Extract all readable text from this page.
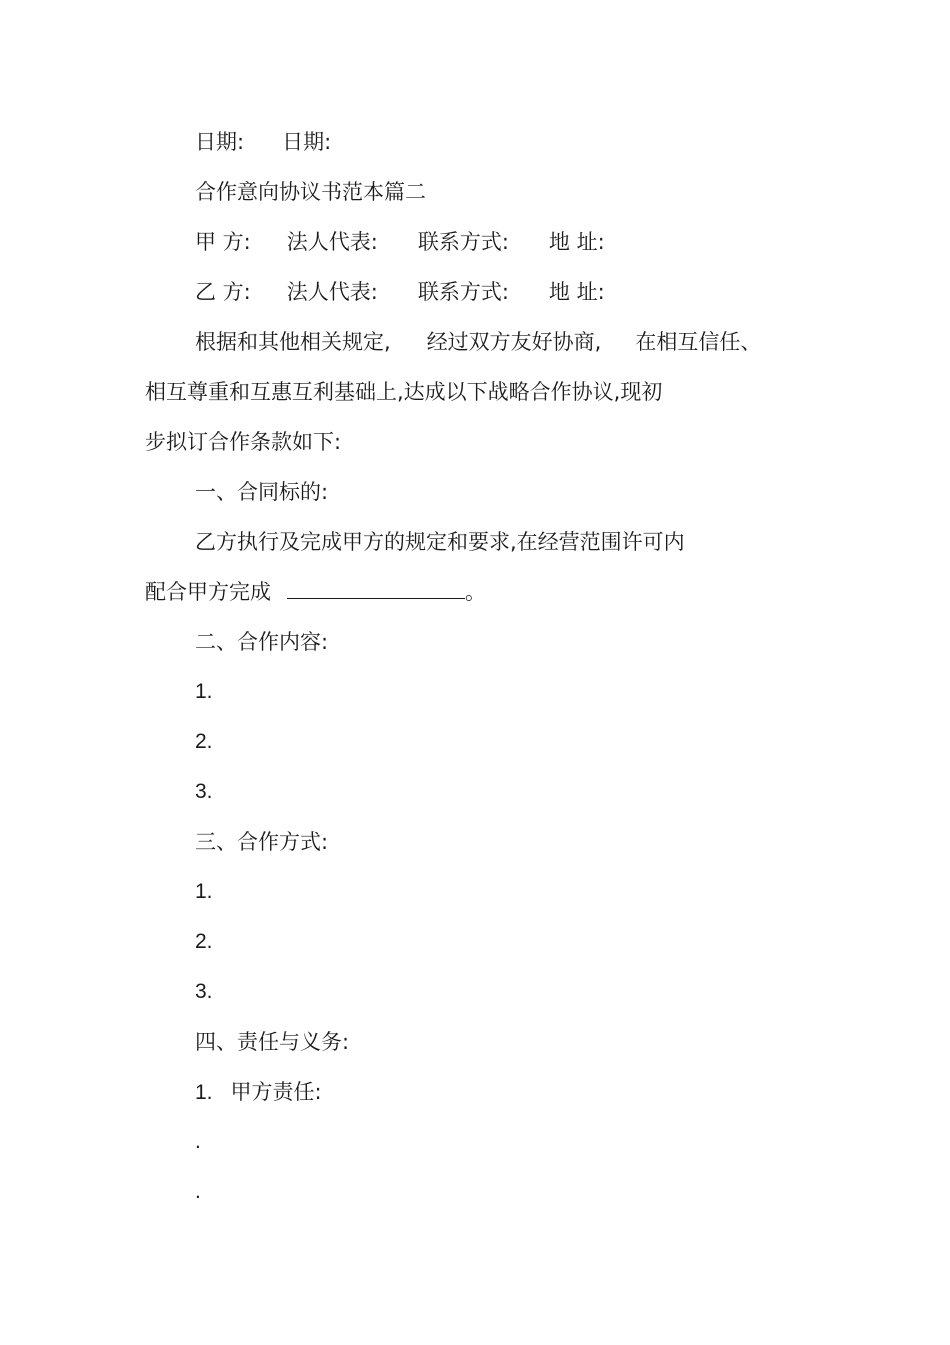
日期: 日期:
合作意向协议书范本篇二
甲 方: 法人代表: 联系方式: 地 址:
乙 方: 法人代表: 联系方式: 地 址:
根据和其他相关规定, 经过双方友好协商, 在相互信任、
相互尊重和互惠互利基础上,达成以下战略合作协议,现初
步拟订合作条款如下:
一、合同标的:
乙方执行及完成甲方的规定和要求,在经营范围许可内
配合甲方完成	。
二、合作内容:
1.
2.
3.
三、合作方式:
1.
2.
3.
四、责任与义务:
1. 甲方责任:
.
.
